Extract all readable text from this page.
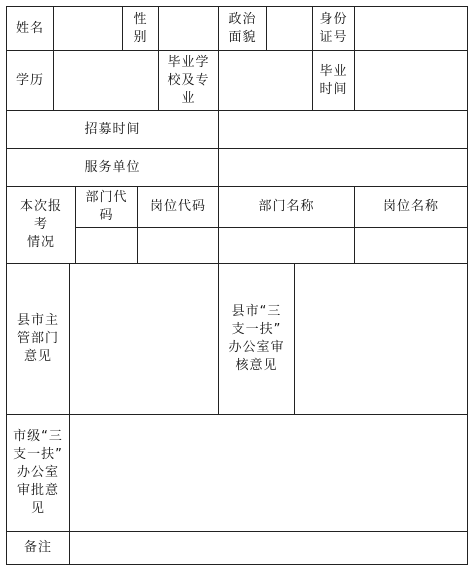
姓名
性
别
政治
面貌
身份
证号
学历
毕业学
校及专
业
毕业
时间
招募时间
服务单位
本次报
考
情况
部门代
码
岗位代码	部门名称	岗位名称
县市主
管部门
意见
县市“三
支一扶”
办公室审
核意见
市级“三
支一扶”
办公室
审批意
见
备注
